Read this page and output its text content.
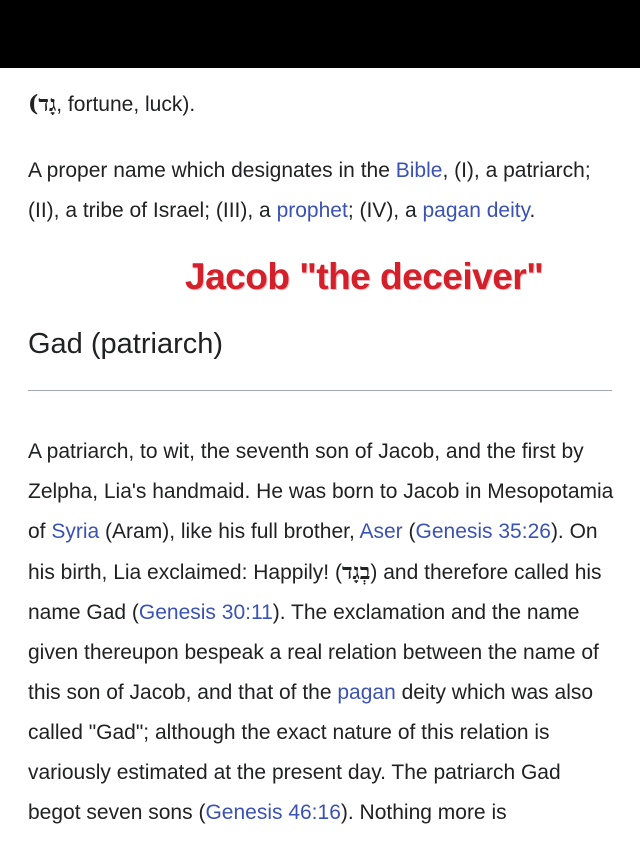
(גָד, fortune, luck).

A proper name which designates in the Bible, (I), a patriarch; (II), a tribe of Israel; (III), a prophet; (IV), a pagan deity.

Jacob "the deceiver"
Gad (patriarch)

A patriarch, to wit, the seventh son of Jacob, and the first by Zelpha, Lia's handmaid. He was born to Jacob in Mesopotamia of Syria (Aram), like his full brother, Aser (Genesis 35:26). On his birth, Lia exclaimed: Happily! (בְגָד) and therefore called his name Gad (Genesis 30:11). The exclamation and the name given thereupon bespeak a real relation between the name of this son of Jacob, and that of the pagan deity which was also called "Gad"; although the exact nature of this relation is variously estimated at the present day. The patriarch Gad begot seven sons (Genesis 46:16). Nothing more is
